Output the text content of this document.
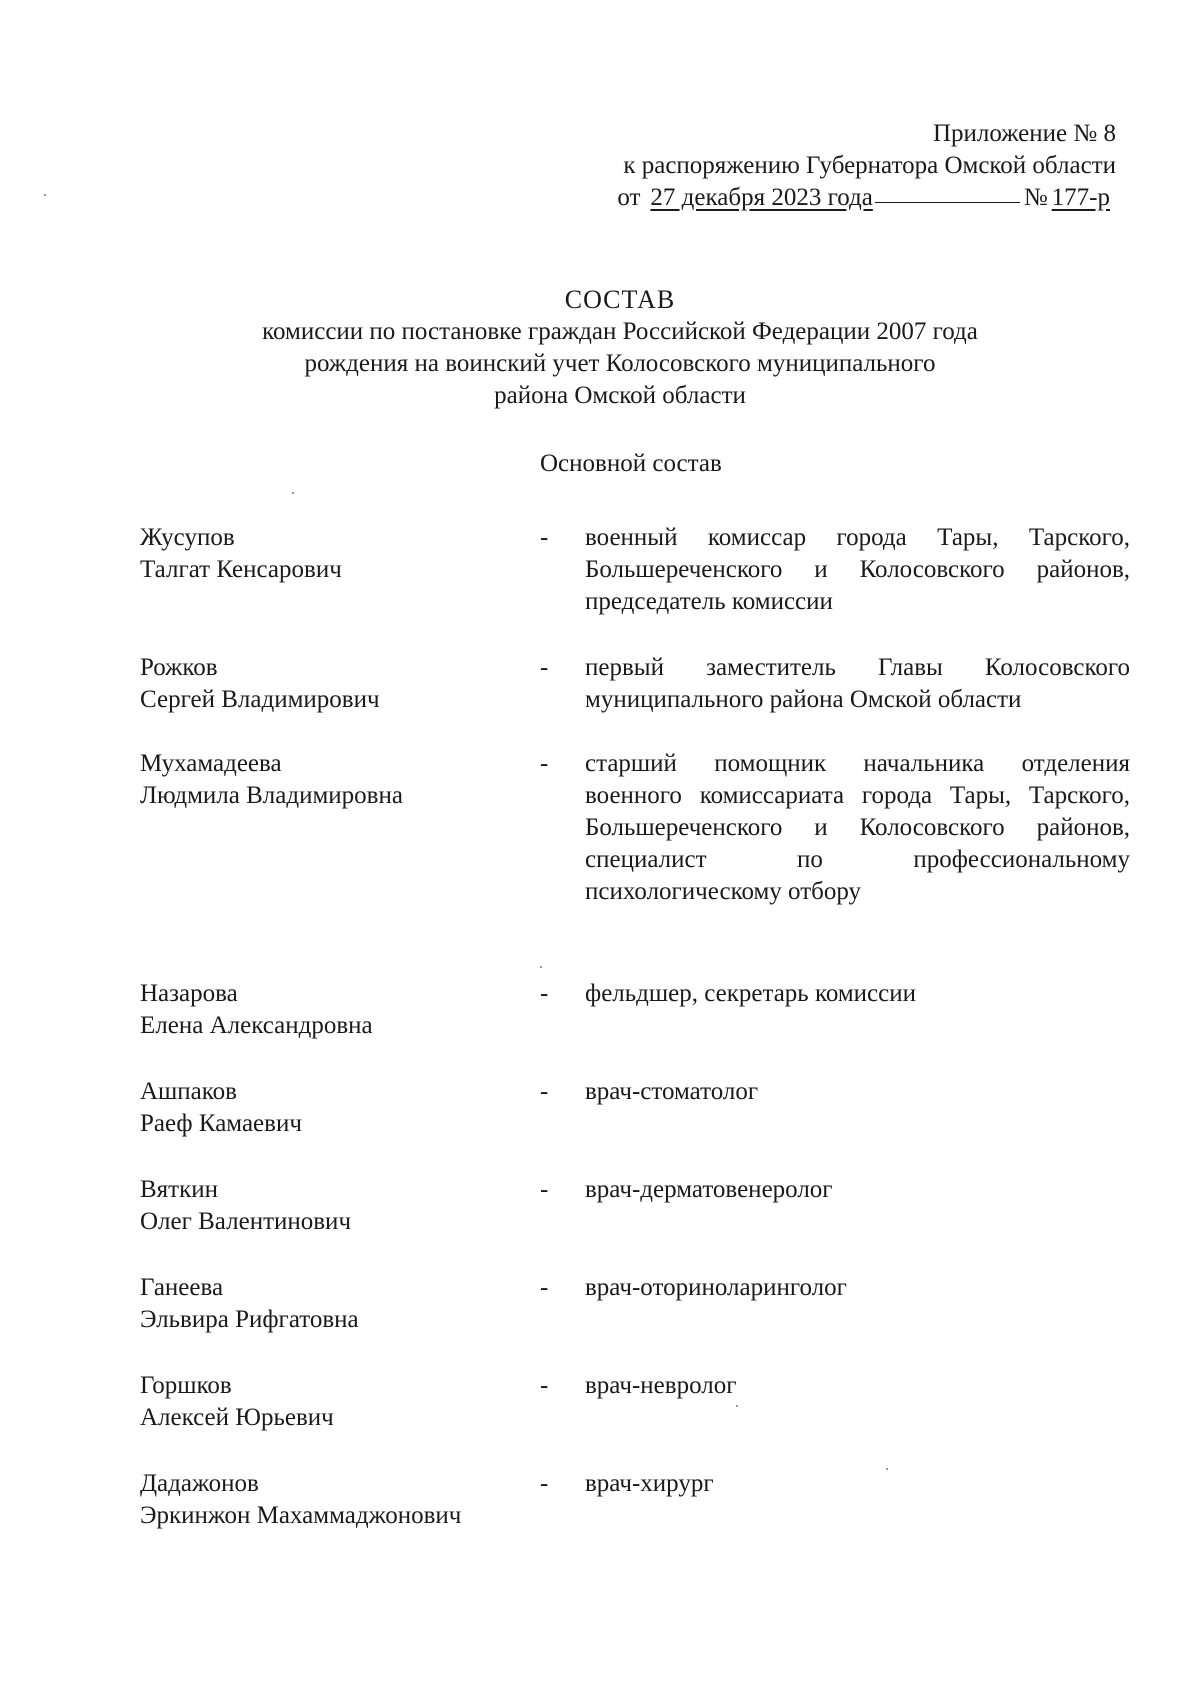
Приложение № 8
к распоряжению Губернатора Омской области
от 27 декабря 2023 года	№ 177-р
СОСТАВ
комиссии по постановке граждан Российской Федерации 2007 года
рождения на воинский учет Колосовского муниципального
района Омской области
Основной состав
Жусупов
Талгат Кенсарович
- военный комиссар города Тары, Тарского, Большереченского и Колосовского районов, председатель комиссии
Рожков
Сергей Владимирович
- первый заместитель Главы Колосовского муниципального района Омской области
Мухамадеева
Людмила Владимировна
- старший помощник начальника отделения военного комиссариата города Тары, Тарского, Большереченского и Колосовского районов, специалист по профессиональному психологическому отбору
Назарова
Елена Александровна
- фельдшер, секретарь комиссии
Ашпаков
Раеф Камаевич
- врач-стоматолог
Вяткин
Олег Валентинович
- врач-дерматовенеролог
Ганеева
Эльвира Рифгатовна
- врач-оториноларинголог
Горшков
Алексей Юрьевич
- врач-невролог
Дадажонов
Эркинжон Махаммаджонович
- врач-хирург
